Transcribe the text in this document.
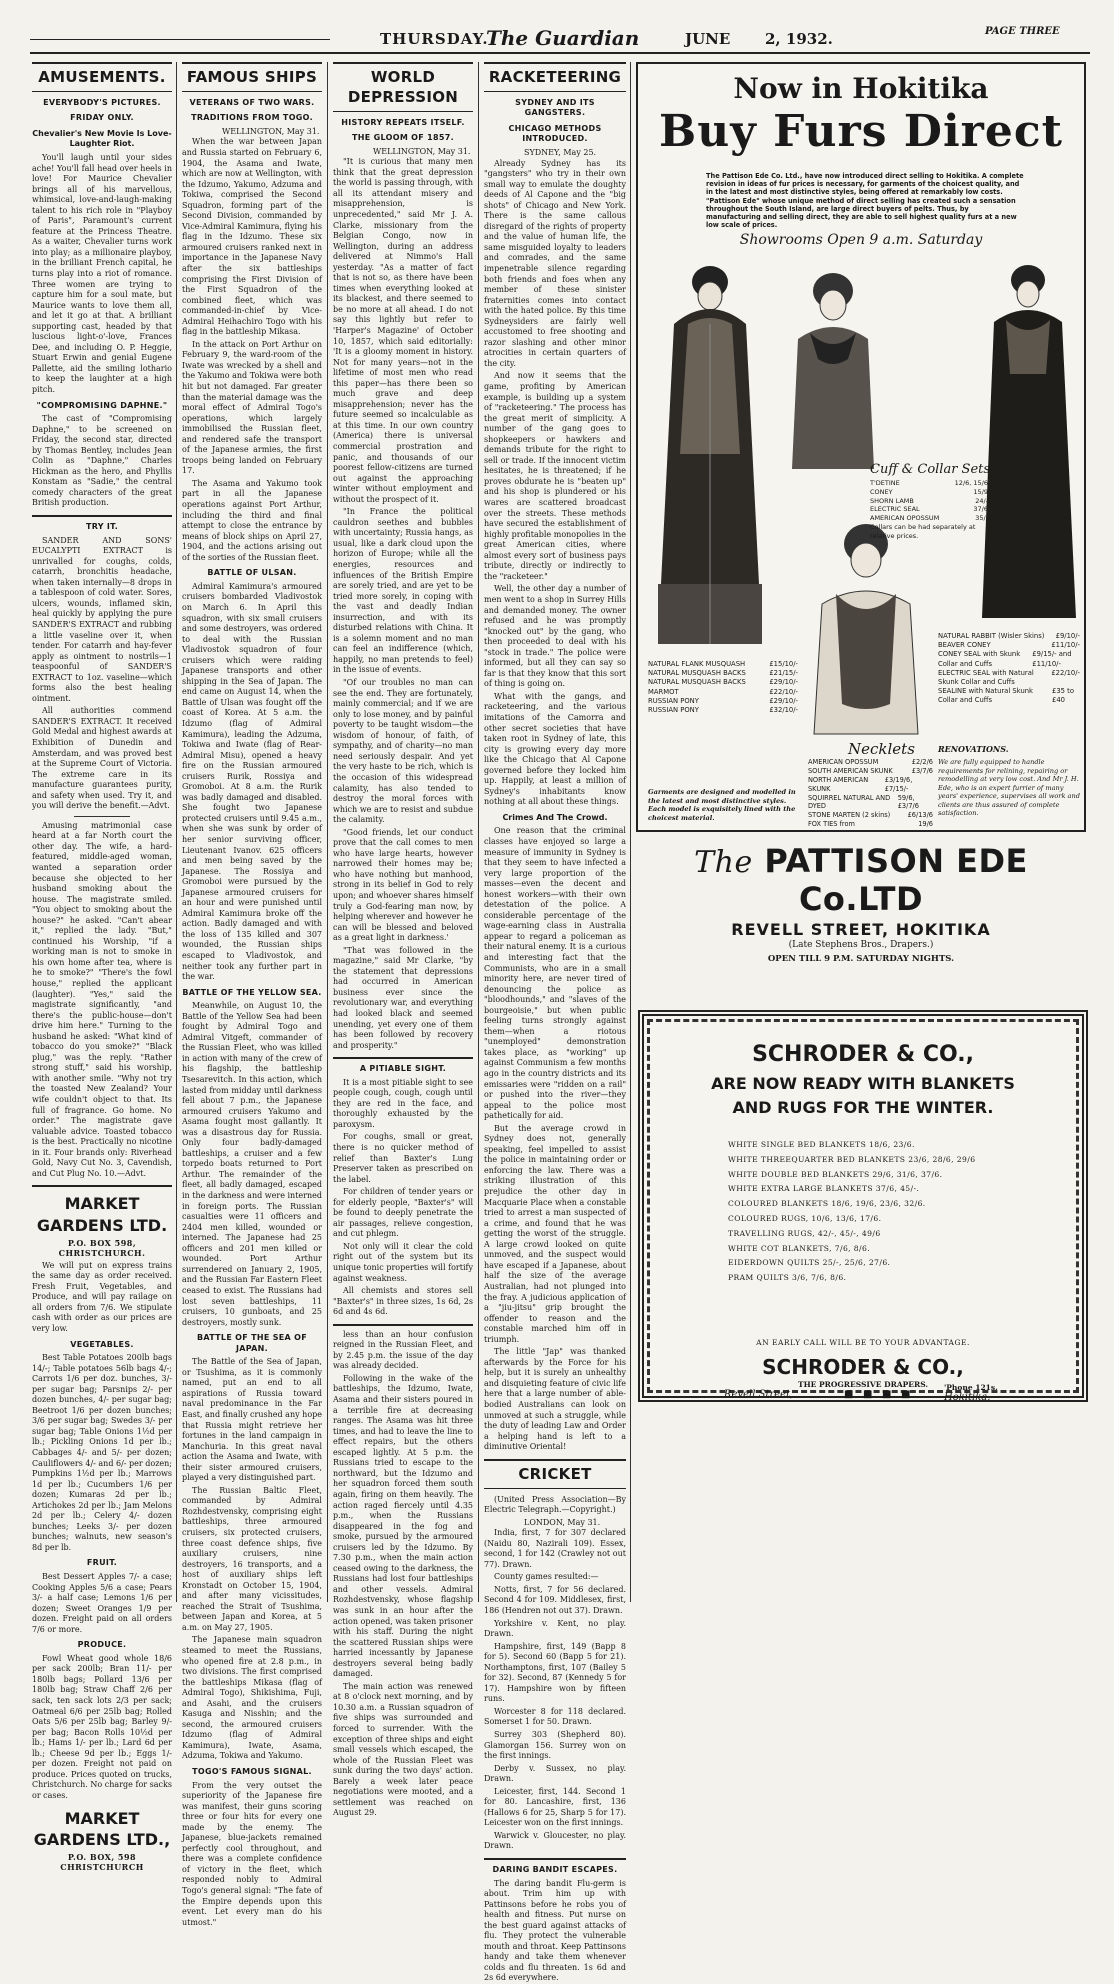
THURSDAY.
The Guardian	JUNE 2, 1932.	PAGE THREE
AMUSEMENTS.
EVERYBODY'S PICTURES.
FRIDAY ONLY.
Chevalier's New Movie Is Love-Laughter Riot.

You'll laugh until your sides ache! You'll fall head over heels in love! For Maurice Chevalier brings all of his marvellous, whimsical, love-and-laugh-making talent to his rich role in "Playboy of Paris", Paramount's current feature at the Princess Theatre. As a waiter, Chevalier turns work into play; as a millionaire playboy, in the brilliant French capital, he turns play into a riot of romance. Three women are trying to capture him for a soul mate, but Maurice wants to love them all, and let it go at that. A brilliant supporting cast, headed by that luscious light-o'-love, Frances Dee, and including O. P. Heggie, Stuart Erwin and genial Eugene Pallette, aid the smiling lothario to keep the laughter at a high pitch.

"COMPROMISING DAPHNE."

The cast of "Compromising Daphne," to be screened on Friday, the second star, directed by Thomas Bentley, includes Jean Colin as "Daphne," Charles Hickman as the hero, and Phyllis Konstam as "Sadie," the central comedy characters of the great British production.

TRY IT.

SANDER AND SONS' EUCALYPTI EXTRACT is unrivalled for coughs, colds, catarrh, bronchitis headache, when taken internally—8 drops in a tablespoon of cold water. Sores, ulcers, wounds, inflamed skin, heal quickly by applying the pure SANDER'S EXTRACT and rubbing a little vaseline over it, when tender. For catarrh and hay-fever apply as ointment to nostrils—1 teaspoonful of SANDER'S EXTRACT to 1oz. vaseline—which forms also the best healing ointment.

All authorities commend SANDER'S EXTRACT. It received Gold Medal and highest awards at Exhibition of Dunedin and Amsterdam, and was proved best at the Supreme Court of Victoria. The extreme care in its manufacture guarantees purity, and safety when used. Try it, and you will derive the benefit.—Advt.

Amusing matrimonial case heard at a far North court the other day. The wife, a hard-featured, middle-aged woman, wanted a separation order because she objected to her husband smoking about the house. The magistrate smiled. "You object to smoking about the house?" he asked. "Can't abear it," replied the lady. "But," continued his Worship, "if a working man is not to smoke in his own home after tea, where is he to smoke?" "There's the fowl house," replied the applicant (laughter). "Yes," said the magistrate significantly, "and there's the public-house—don't drive him here." Turning to the husband he asked: "What kind of tobacco do you smoke?" "Black plug," was the reply. "Rather strong stuff," said his worship, with another smile. "Why not try the toasted New Zealand? Your wife couldn't object to that. Its full of fragrance. Go home. No order." The magistrate gave valuable advice. Toasted tobacco is the best. Practically no nicotine in it. Four brands only: Riverhead Gold, Navy Cut No. 3, Cavendish, and Cut Plug No. 10.—Advt.

MARKET GARDENS LTD.
P.O. BOX 598, CHRISTCHURCH.

We will put on express trains the same day as order received. Fresh Fruit, Vegetables, and Produce, and will pay railage on all orders from 7/6. We stipulate cash with order as our prices are very low.

VEGETABLES.

Best Table Potatoes 200lb bags 14/-; Table potatoes 56lb bags 4/-; Carrots 1/6 per doz. bunches, 3/- per sugar bag; Parsnips 2/- per dozen bunches, 4/- per sugar bag; Beetroot 1/6 per dozen bunches; 3/6 per sugar bag; Swedes 3/- per sugar bag; Table Onions 1½d per lb.; Pickling Onions 1d per lb.; Cabbages 4/- and 5/- per dozen; Cauliflowers 4/- and 6/- per dozen; Pumpkins 1½d per lb.; Marrows 1d per lb.; Cucumbers 1/6 per dozen; Kumaras 2d per lb.; Artichokes 2d per lb.; Jam Melons 2d per lb.; Celery 4/- dozen bunches; Leeks 3/- per dozen bunches; walnuts, new season's 8d per lb.

FRUIT.

Best Dessert Apples 7/- a case; Cooking Apples 5/6 a case; Pears 3/- a half case; Lemons 1/6 per dozen; Sweet Oranges 1/9 per dozen. Freight paid on all orders 7/6 or more.

PRODUCE.

Fowl Wheat good whole 18/6 per sack 200lb; Bran 11/- per 180lb bags; Pollard 13/6 per 180lb bag; Straw Chaff 2/6 per sack, ten sack lots 2/3 per sack; Oatmeal 6/6 per 25lb bag; Rolled Oats 5/6 per 25lb bag; Barley 9/- per bag; Bacon Rolls 10½d per lb.; Hams 1/- per lb.; Lard 6d per lb.; Cheese 9d per lb.; Eggs 1/- per dozen. Freight not paid on produce. Prices quoted on trucks, Christchurch. No charge for sacks or cases.

MARKET GARDENS LTD.,
P.O. BOX, 598 CHRISTCHURCH
FAMOUS SHIPS
VETERANS OF TWO WARS.
TRADITIONS FROM TOGO.

WELLINGTON, May 31.

When the war between Japan and Russia started on February 6, 1904, the Asama and Iwate, which are now at Wellington, with the Idzumo, Yakumo, Adzuma and Tokiwa, comprised the Second Squadron, forming part of the Second Division, commanded by Vice-Admiral Kamimura, flying his flag in the Idzumo. These six armoured cruisers ranked next in importance in the Japanese Navy after the six battleships comprising the First Division of the First Squadron of the combined fleet, which was commanded-in-chief by Vice-Admiral Heihachiro Togo with his flag in the battleship Mikasa.

In the attack on Port Arthur on February 9, the ward-room of the Iwate was wrecked by a shell and the Yakumo and Tokiwa were both hit but not damaged. Far greater than the material damage was the moral effect of Admiral Togo's operations, which largely immobilised the Russian fleet, and rendered safe the transport of the Japanese armies, the first troops being landed on February 17.

The Asama and Yakumo took part in all the Japanese operations against Port Arthur, including the third and final attempt to close the entrance by means of block ships on April 27, 1904, and the actions arising out of the sorties of the Russian fleet.

BATTLE OF ULSAN.

Admiral Kamimura's armoured cruisers bombarded Vladivostok on March 6. In April this squadron, with six small cruisers and some destroyers, was ordered to deal with the Russian Vladivostok squadron of four cruisers which were raiding Japanese transports and other shipping in the Sea of Japan. The end came on August 14, when the Battle of Ulsan was fought off the coast of Korea. At 5 a.m. the Idzumo (flag of Admiral Kamimura), leading the Adzuma, Tokiwa and Iwate (flag of Rear-Admiral Misu), opened a heavy fire on the Russian armoured cruisers Rurik, Rossiya and Gromoboi. At 8 a.m. the Rurik was badly damaged and disabled. She fought two Japanese protected cruisers until 9.45 a.m., when she was sunk by order of her senior surviving officer, Lieutenant Ivanov. 625 officers and men being saved by the Japanese. The Rossiya and Gromoboi were pursued by the Japanese armoured cruisers for an hour and were punished until Admiral Kamimura broke off the action. Badly damaged and with the loss of 135 killed and 307 wounded, the Russian ships escaped to Vladivostok, and neither took any further part in the war.

BATTLE OF THE YELLOW SEA.

Meanwhile, on August 10, the Battle of the Yellow Sea had been fought by Admiral Togo and Admiral Vitgeft, commander of the Russian Fleet, who was killed in action with many of the crew of his flagship, the battleship Tsesarevitch. In this action, which lasted from midday until darkness fell about 7 p.m., the Japanese armoured cruisers Yakumo and Asama fought most gallantly. It was a disastrous day for Russia. Only four badly-damaged battleships, a cruiser and a few torpedo boats returned to Port Arthur. The remainder of the fleet, all badly damaged, escaped in the darkness and were interned in foreign ports. The Russian casualties were 11 officers and 2404 men killed, wounded or interned. The Japanese had 25 officers and 201 men killed or wounded. Port Arthur surrendered on January 2, 1905, and the Russian Far Eastern Fleet ceased to exist. The Russians had lost seven battleships, 11 cruisers, 10 gunboats, and 25 destroyers, mostly sunk.

BATTLE OF THE SEA OF JAPAN.

The Battle of the Sea of Japan, or Tsushima, as it is commonly named, put an end to all aspirations of Russia toward naval predominance in the Far East, and finally crushed any hope that Russia might retrieve her fortunes in the land campaign in Manchuria. In this great naval action the Asama and Iwate, with their sister armoured cruisers, played a very distinguished part.

The Russian Baltic Fleet, commanded by Admiral Rozhdestvensky, comprising eight battleships, three armoured cruisers, six protected cruisers, three coast defence ships, five auxiliary cruisers, nine destroyers, 16 transports, and a host of auxiliary ships left Kronstadt on October 15, 1904, and after many vicissitudes, reached the Strait of Tsushima, between Japan and Korea, at 5 a.m. on May 27, 1905.

The Japanese main squadron steamed to meet the Russians, who opened fire at 2.8 p.m., in two divisions. The first comprised the battleships Mikasa (flag of Admiral Togo), Shikishima, Fuji, and Asahi, and the cruisers Kasuga and Nisshin; and the second, the armoured cruisers Idzumo (flag of Admiral Kamimura), Iwate, Asama, Adzuma, Tokiwa and Yakumo.

TOGO'S FAMOUS SIGNAL.

From the very outset the superiority of the Japanese fire was manifest, their guns scoring three or four hits for every one made by the enemy. The Japanese, blue-jackets remained perfectly cool throughout, and there was a complete confidence of victory in the fleet, which responded nobly to Admiral Togo's general signal: "The fate of the Empire depends upon this event. Let every man do his utmost."

WORLD DEPRESSION
HISTORY REPEATS ITSELF.
THE GLOOM OF 1857.

WELLINGTON, May 31.

"It is curious that many men think that the great depression the world is passing through, with all its attendant misery and misapprehension, is unprecedented," said Mr J. A. Clarke, missionary from the Belgian Congo, now in Wellington, during an address delivered at Nimmo's Hall yesterday. "As a matter of fact that is not so, as there have been times when everything looked at its blackest, and there seemed to be no more at all ahead. I do not say this lightly but refer to 'Harper's Magazine' of October 10, 1857, which said editorially: 'It is a gloomy moment in history. Not for many years—not in the lifetime of most men who read this paper—has there been so much grave and deep misapprehension; never has the future seemed so incalculable as at this time. In our own country (America) there is universal commercial prostration and panic, and thousands of our poorest fellow-citizens are turned out against the approaching winter without employment and without the prospect of it.

"In France the political cauldron seethes and bubbles with uncertainty; Russia hangs, as usual, like a dark cloud upon the horizon of Europe; while all the energies, resources and influences of the British Empire are sorely tried, and are yet to be tried more sorely, in coping with the vast and deadly Indian insurrection, and with its disturbed relations with China. It is a solemn moment and no man can feel an indifference (which, happily, no man pretends to feel) in the issue of events.

"Of our troubles no man can see the end. They are fortunately, mainly commercial; and if we are only to lose money, and by painful poverty to be taught wisdom—the wisdom of honour, of faith, of sympathy, and of charity—no man need seriously despair. And yet the very haste to be rich, which is the occasion of this widespread calamity, has also tended to destroy the moral forces with which we are to resist and subdue the calamity.

"Good friends, let our conduct prove that the call comes to men who have large hearts, however narrowed their homes may be; who have nothing but manhood, strong in its belief in God to rely upon; and whoever shares himself truly a God-fearing man now, by helping wherever and however he can will be blessed and beloved as a great light in darkness.'

"That was followed in the magazine," said Mr Clarke, "by the statement that depressions had occurred in American business ever since the revolutionary war, and everything had looked black and seemed unending, yet every one of them has been followed by recovery and prosperity."

A PITIABLE SIGHT.

It is a most pitiable sight to see people cough, cough, cough until they are red in the face, and thoroughly exhausted by the paroxysm.

For coughs, small or great, there is no quicker method of relief than Baxter's Lung Preserver taken as prescribed on the label.

For children of tender years or for elderly people, "Baxter's" will be found to deeply penetrate the air passages, relieve congestion, and cut phlegm.

Not only will it clear the cold right out of the system but its unique tonic properties will fortify against weakness.

All chemists and stores sell "Baxter's" in three sizes, 1s 6d, 2s 6d and 4s 6d.

less than an hour confusion reigned in the Russian Fleet, and by 2.45 p.m. the issue of the day was already decided.

Following in the wake of the battleships, the Idzumo, Iwate, Asama and their sisters poured in a terrible fire at decreasing ranges. The Asama was hit three times, and had to leave the line to effect repairs, but the others escaped lightly. At 5 p.m. the Russians tried to escape to the northward, but the Idzumo and her squadron forced them south again, firing on them heavily. The action raged fiercely until 4.35 p.m., when the Russians disappeared in the fog and smoke, pursued by the armoured cruisers led by the Idzumo. By 7.30 p.m., when the main action ceased owing to the darkness, the Russians had lost four battleships and other vessels. Admiral Rozhdestvensky, whose flagship was sunk in an hour after the action opened, was taken prisoner with his staff. During the night the scattered Russian ships were harried incessantly by Japanese destroyers several being badly damaged.

The main action was renewed at 8 o'clock next morning, and by 10.30 a.m. a Russian squadron of five ships was surrounded and forced to surrender. With the exception of three ships and eight small vessels which escaped, the whole of the Russian Fleet was sunk during the two days' action. Barely a week later peace negotiations were mooted, and a settlement was reached on August 29.

RACKETEERING
SYDNEY AND ITS GANGSTERS.
CHICAGO METHODS INTRODUCED.

SYDNEY, May 25.

Already Sydney has its "gangsters" who try in their own small way to emulate the doughty deeds of Al Capone and the "big shots" of Chicago and New York. There is the same callous disregard of the rights of property and the value of human life, the same misguided loyalty to leaders and comrades, and the same impenetrable silence regarding both friends and foes when any member of these sinister fraternities comes into contact with the hated police. By this time Sydneysiders are fairly well accustomed to free shooting and razor slashing and other minor atrocities in certain quarters of the city.

And now it seems that the game, profiting by American example, is building up a system of "racketeering." The process has the great merit of simplicity. A number of the gang goes to shopkeepers or hawkers and demands tribute for the right to sell or trade. If the innocent victim hesitates, he is threatened; if he proves obdurate he is "beaten up" and his shop is plundered or his wares are scattered broadcast over the streets. These methods have secured the establishment of highly profitable monopolies in the great American cities, where almost every sort of business pays tribute, directly or indirectly to the "racketeer."

Well, the other day a number of men went to a shop in Surrey Hills and demanded money. The owner refused and he was promptly "knocked out" by the gang, who then proceeded to deal with his "stock in trade." The police were informed, but all they can say so far is that they know that this sort of thing is going on.

What with the gangs, and racketeering, and the various imitations of the Camorra and other secret societies that have taken root in Sydney of late, this city is growing every day more like the Chicago that Al Capone governed before they locked him up. Happily, at least a million of Sydney's inhabitants know nothing at all about these things.

Crimes And The Crowd.

One reason that the criminal classes have enjoyed so large a measure of immunity in Sydney is that they seem to have infected a very large proportion of the masses—even the decent and honest workers—with their own detestation of the police. A considerable percentage of the wage-earning class in Australia appear to regard a policeman as their natural enemy. It is a curious and interesting fact that the Communists, who are in a small minority here, are never tired of denouncing the police as "bloodhounds," and "slaves of the bourgeoisie," but when public feeling turns strongly against them—when a riotous "unemployed" demonstration takes place, as "working" up against Communism a few months ago in the country districts and its emissaries were "ridden on a rail" or pushed into the river—they appeal to the police most pathetically for aid.

But the average crowd in Sydney does not, generally speaking, feel impelled to assist the police in maintaining order or enforcing the law. There was a striking illustration of this prejudice the other day in Macquarie Place when a constable tried to arrest a man suspected of a crime, and found that he was getting the worst of the struggle. A large crowd looked on quite unmoved, and the suspect would have escaped if a Japanese, about half the size of the average Australian, had not plunged into the fray. A judicious application of a "jiu-jitsu" grip brought the offender to reason and the constable marched him off in triumph.

The little "Jap" was thanked afterwards by the Force for his help, but it is surely an unhealthy and disquieting feature of civic life here that a large number of able-bodied Australians can look on unmoved at such a struggle, while the duty of leading Law and Order a helping hand is left to a diminutive Oriental!

CRICKET

(United Press Association—By Electric Telegraph.—Copyright.)

LONDON, May 31.

India, first, 7 for 307 declared (Naidu 80, Nazirali 109). Essex, second, 1 for 142 (Crawley not out 77). Drawn.

County games resulted:—

Notts, first, 7 for 56 declared. Second 4 for 109. Middlesex, first, 186 (Hendren not out 37). Drawn.

Yorkshire v. Kent, no play. Drawn.

Hampshire, first, 149 (Bapp 8 for 5). Second 60 (Bapp 5 for 21). Northamptons, first, 107 (Bailey 5 for 32). Second, 87 (Kennedy 5 for 17). Hampshire won by fifteen runs.

Worcester 8 for 118 declared. Somerset 1 for 50. Drawn.

Surrey 303 (Shepherd 80). Glamorgan 156. Surrey won on the first innings.

Derby v. Sussex, no play. Drawn.

Leicester, first, 144. Second 1 for 80. Lancashire, first, 136 (Hallows 6 for 25, Sharp 5 for 17). Leicester won on the first innings.

Warwick v. Gloucester, no play. Drawn.

DARING BANDIT ESCAPES.

The daring bandit Flu-germ is about. Trim him up with Pattinsons before he robs you of health and fitness. Put nurse on the best guard against attacks of flu. They protect the vulnerable mouth and throat. Keep Pattinsons handy and take them whenever colds and flu threaten. 1s 6d and 2s 6d everywhere.

Now in Hokitika
Buy Furs Direct
The Pattison Ede Co. Ltd., have now introduced direct selling to Hokitika. A complete revision in ideas of fur prices is necessary, for garments of the choicest quality, and in the latest and most distinctive styles, being offered at remarkably low costs. "Pattison Ede" whose unique method of direct selling has created such a sensation throughout the South Island, are large direct buyers of pelts. Thus, by manufacturing and selling direct, they are able to sell highest quality furs at a new low scale of prices.
Showrooms Open 9 a.m. Saturday
Cuff & Collar Sets
T'DETINE	12/6, 15/6
CONEY	15/9
SHORN LAMB	24/-
ELECTRIC SEAL	37/6
AMERICAN OPOSSUM	35/-
Collars can be had separately at relative prices.
NATURAL FLANK MUSQUASH	£15/10/-
NATURAL MUSQUASH BACKS	£21/15/-
NATURAL MUSQUASH BACKS	£29/10/-
MARMOT	£22/10/-
RUSSIAN PONY	£29/10/-
RUSSIAN PONY	£32/10/-
NATURAL RABBIT (Wisler Skins) £9/10/-
BEAVER CONEY	£11/10/-
CONEY SEAL with Skunk Collar and Cuffs
£9/15/- and £11/10/-
ELECTRIC SEAL with Natural Skunk Collar and Cuffs
£22/10/-
SEALINE with Natural Skunk Collar and Cuffs
£35 to £40
Necklets
AMERICAN OPOSSUM	£2/2/6
SOUTH AMERICAN SKUNK	£3/7/6
NORTH AMERICAN SKUNK
£3/19/6, £7/15/-
SQUIRREL NATURAL AND DYED
59/6, £3/7/6
STONE MARTEN (2 skins)	£6/13/6
FOX TIES from	19/6
Garments are designed and modelled in the latest and most distinctive styles. Each model is exquisitely lined with the choicest material.
RENOVATIONS.
We are fully equipped to handle requirements for relining, repairing or remodelling at very low cost. And Mr J. H. Ede, who is an expert furrier of many years' experience, supervises all work and clients are thus assured of complete satisfaction.
The PATTISON EDE Co.LTD
REVELL STREET, HOKITIKA
(Late Stephens Bros., Drapers.)
OPEN TILL 9 P.M. SATURDAY NIGHTS.
SCHRODER & CO.,
ARE NOW READY WITH BLANKETS
AND RUGS FOR THE WINTER.
WHITE SINGLE BED BLANKETS 18/6, 23/6.
WHITE THREEQUARTER BED BLANKETS 23/6, 28/6, 29/6
WHITE DOUBLE BED BLANKETS 29/6, 31/6, 37/6.
WHITE EXTRA LARGE BLANKETS 37/6, 45/-.
COLOURED BLANKETS 18/6, 19/6, 23/6, 32/6.
COLOURED RUGS, 10/6, 13/6, 17/6.
TRAVELLING RUGS, 42/-, 45/-, 49/6
WHITE COT BLANKETS, 7/6, 8/6.
EIDERDOWN QUILTS 25/-, 25/6, 27/6.
PRAM QUILTS 3/6, 7/6, 8/6.
AN EARLY CALL WILL BE TO YOUR ADVANTAGE.
SCHRODER & CO.,
THE PROGRESSIVE DRAPERS.
Revell Street,	■   ■   ■   ■
'Phone 121s.
Hokitika.
